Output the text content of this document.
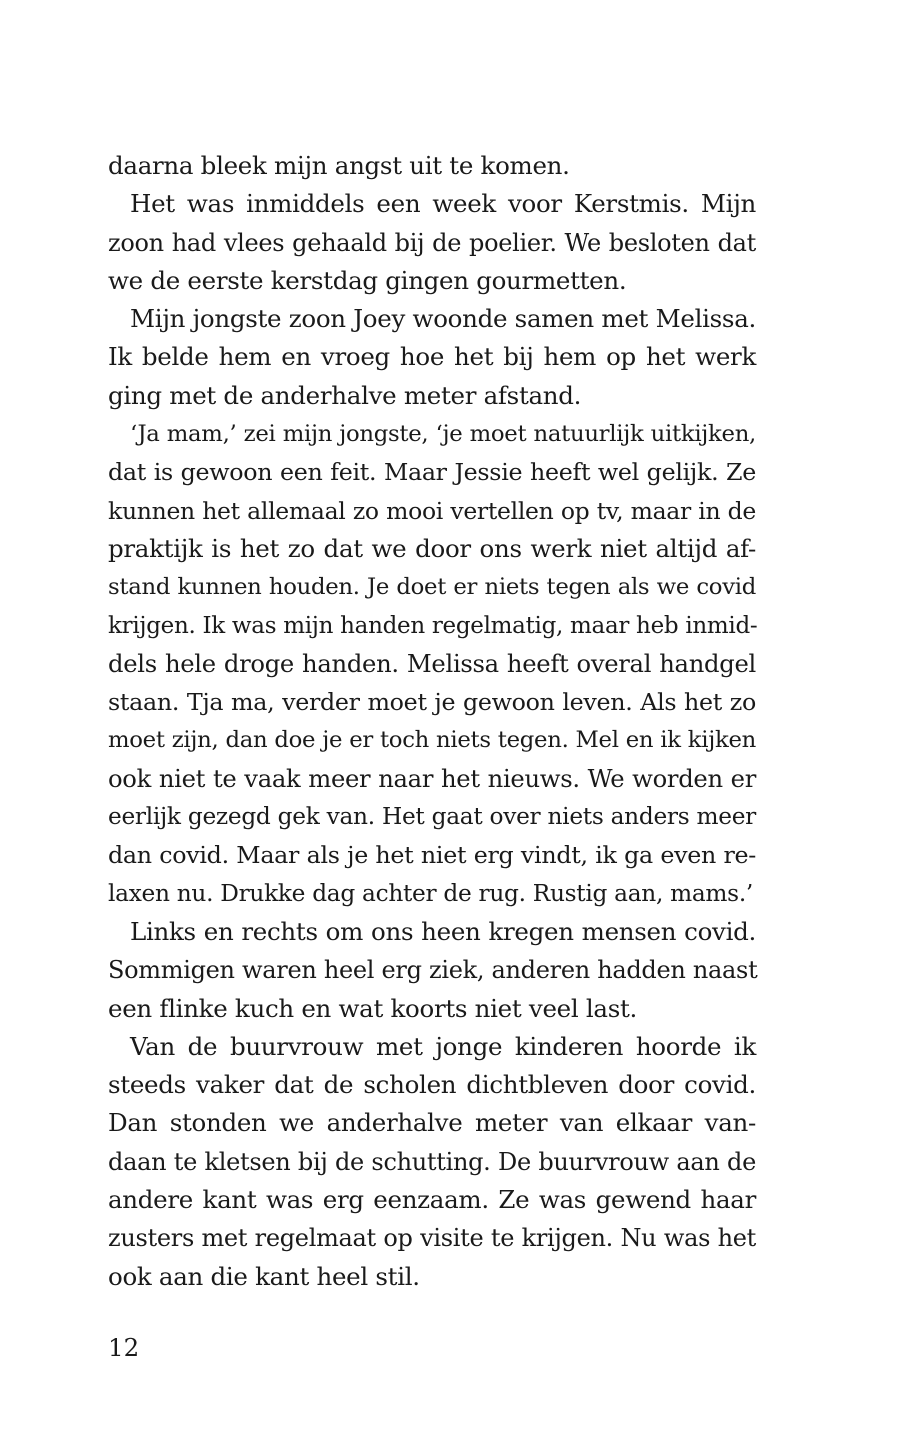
daarna bleek mijn angst uit te komen.
Het was inmiddels een week voor Kerstmis. Mijn
zoon had vlees gehaald bij de poelier. We besloten dat
we de eerste kerstdag gingen gourmetten.
Mijn jongste zoon Joey woonde samen met Melissa.
Ik belde hem en vroeg hoe het bij hem op het werk
ging met de anderhalve meter afstand.
‘Ja mam,’ zei mijn jongste, ‘je moet natuurlijk uitkijken,
dat is gewoon een feit. Maar Jessie heeft wel gelijk. Ze
kunnen het allemaal zo mooi vertellen op tv, maar in de
praktijk is het zo dat we door ons werk niet altijd af-
stand kunnen houden. Je doet er niets tegen als we covid
krijgen. Ik was mijn handen regelmatig, maar heb inmid-
dels hele droge handen. Melissa heeft overal handgel
staan. Tja ma, verder moet je gewoon leven. Als het zo
moet zijn, dan doe je er toch niets tegen. Mel en ik kijken
ook niet te vaak meer naar het nieuws. We worden er
eerlijk gezegd gek van. Het gaat over niets anders meer
dan covid. Maar als je het niet erg vindt, ik ga even re-
laxen nu. Drukke dag achter de rug. Rustig aan, mams.’
Links en rechts om ons heen kregen mensen covid.
Sommigen waren heel erg ziek, anderen hadden naast
een flinke kuch en wat koorts niet veel last.
Van de buurvrouw met jonge kinderen hoorde ik
steeds vaker dat de scholen dichtbleven door covid.
Dan stonden we anderhalve meter van elkaar van-
daan te kletsen bij de schutting. De buurvrouw aan de
andere kant was erg eenzaam. Ze was gewend haar
zusters met regelmaat op visite te krijgen. Nu was het
ook aan die kant heel stil.
12
